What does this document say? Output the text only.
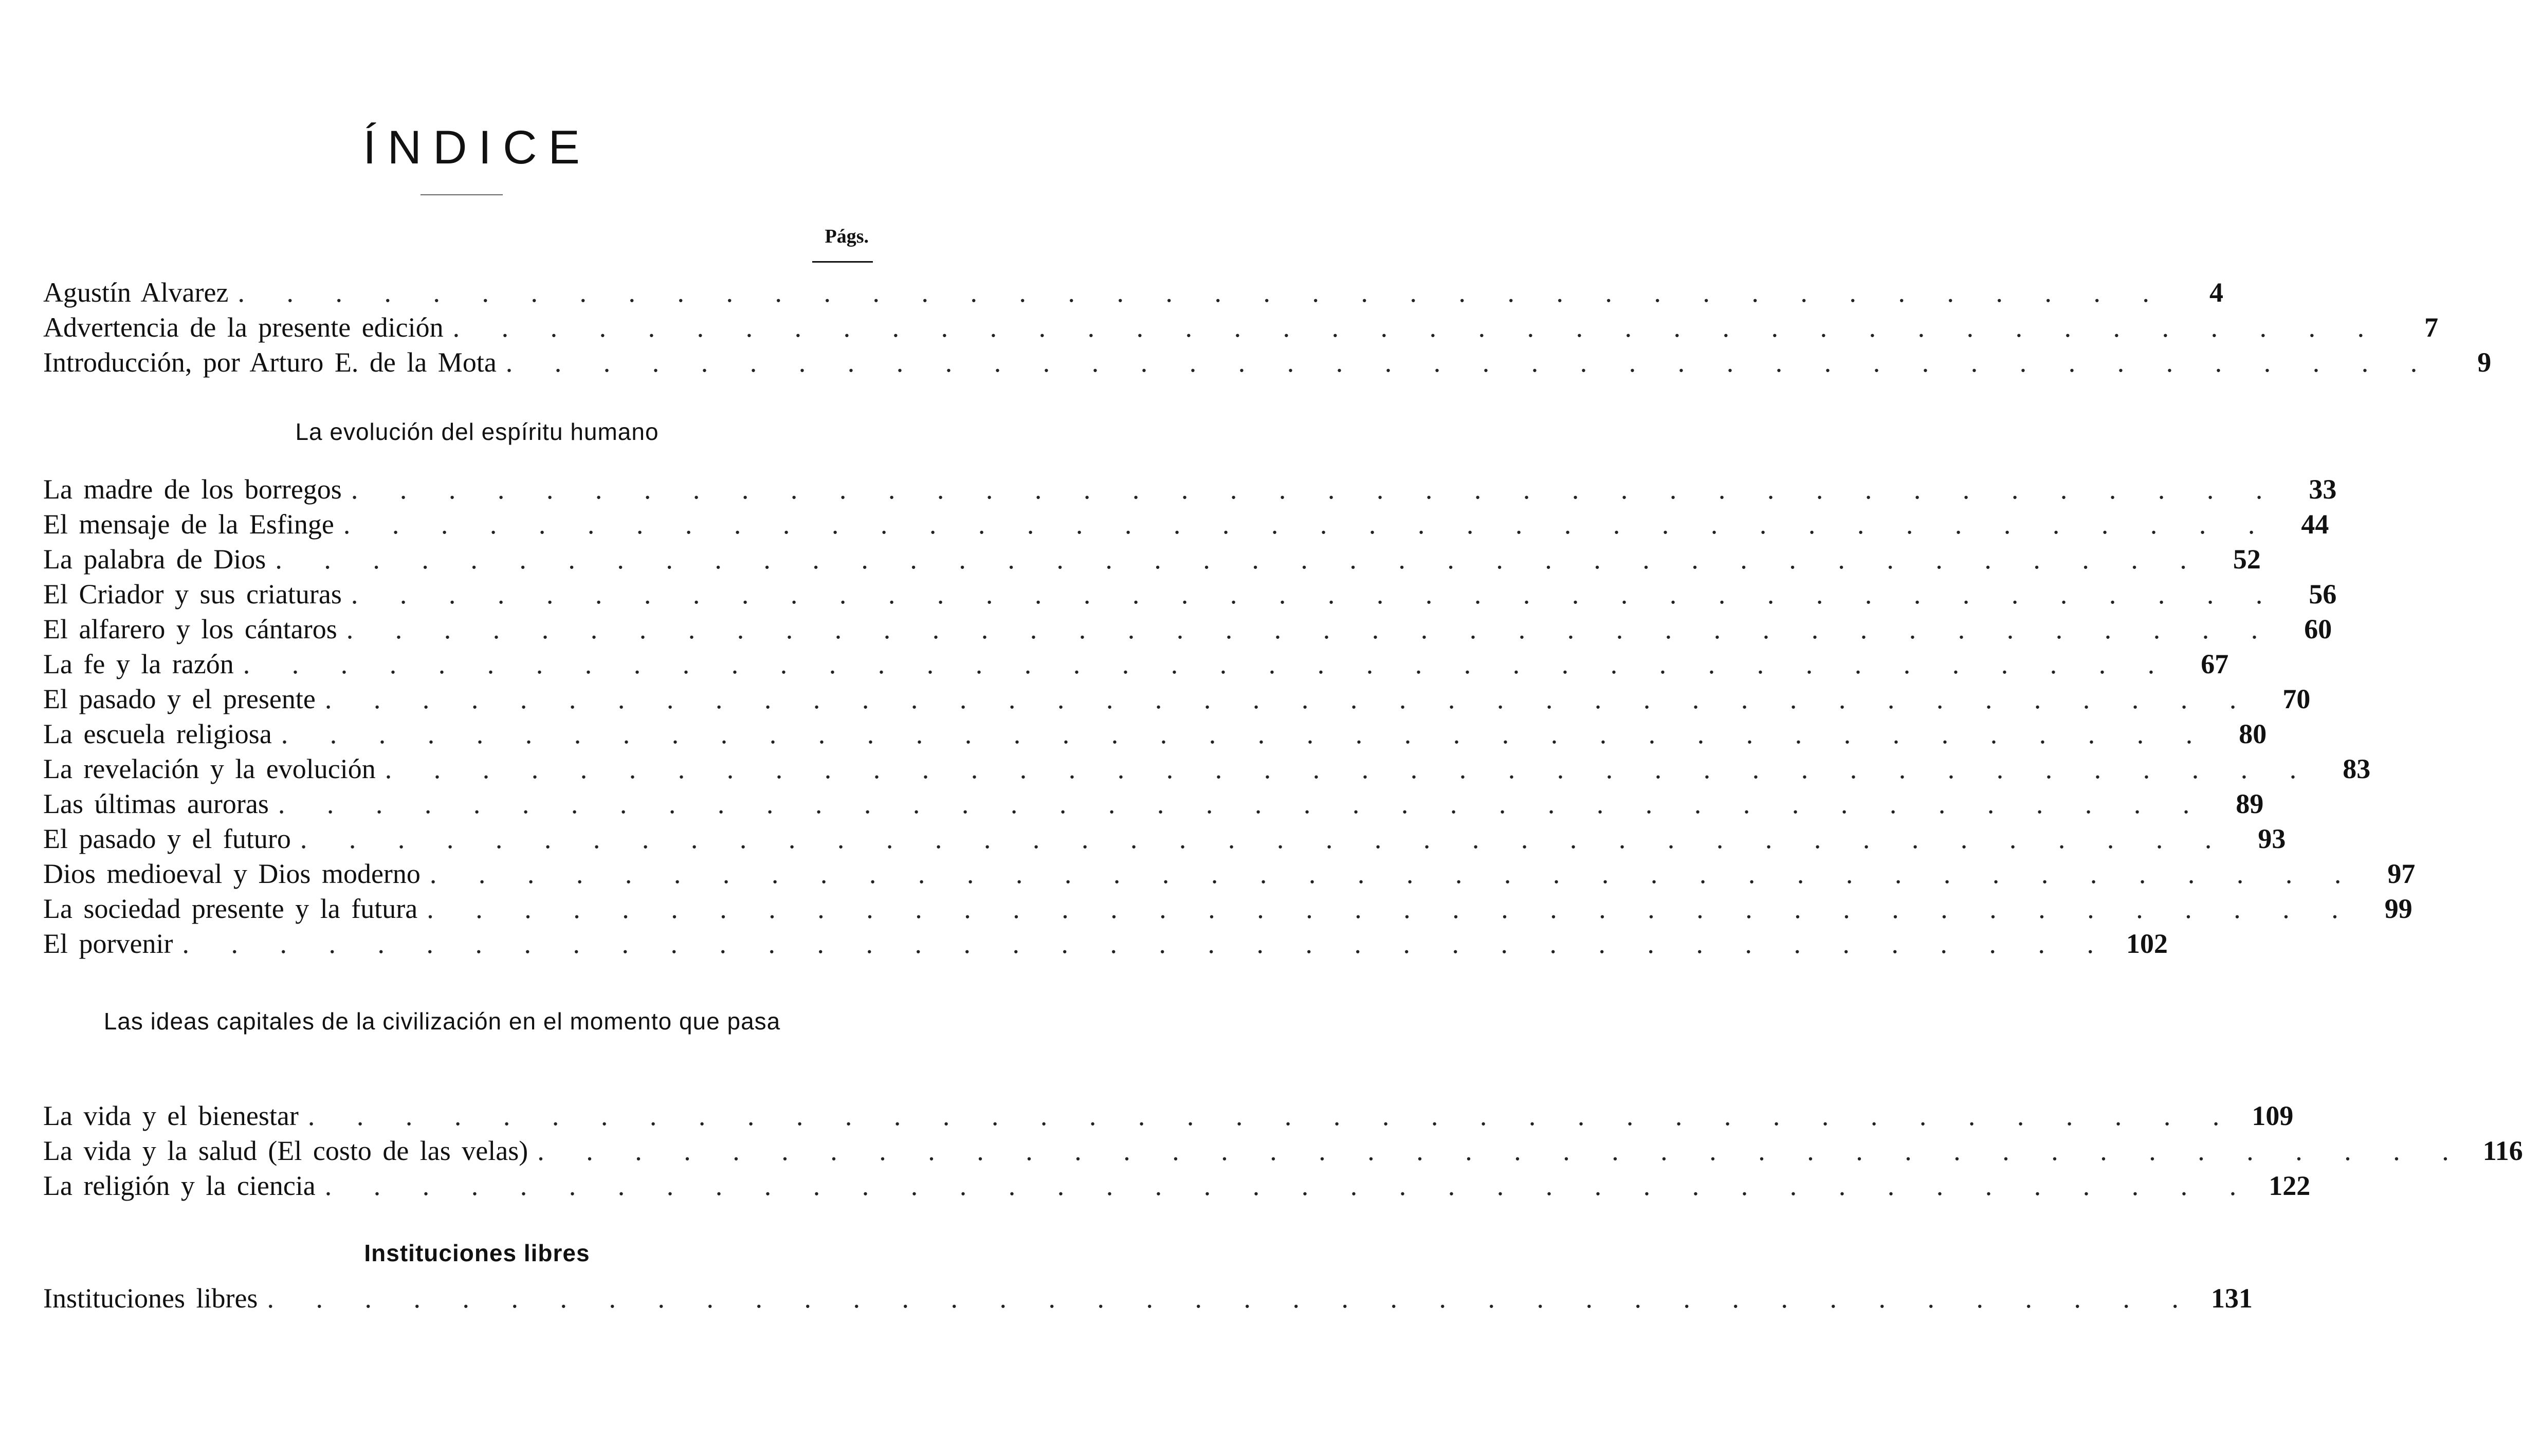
ÍNDICE
Págs.
Agustín Alvarez . . . . . . . . . . . . . . . . . . . . . . . . . . . . . . . . . . . . . . . .	4
Advertencia de la presente edición . . . . . . . . . . . . . . . . . . . . . . . . . . . . . . . . . . . . . . . .	7
Introducción, por Arturo E. de la Mota . . . . . . . . . . . . . . . . . . . . . . . . . . . . . . . . . . . . . . . .	9
La evolución del espíritu humano
La madre de los borregos . . . . . . . . . . . . . . . . . . . . . . . . . . . . . . . . . . . . . . . .	33
El mensaje de la Esfinge . . . . . . . . . . . . . . . . . . . . . . . . . . . . . . . . . . . . . . . .	44
La palabra de Dios . . . . . . . . . . . . . . . . . . . . . . . . . . . . . . . . . . . . . . . .	52
El Criador y sus criaturas . . . . . . . . . . . . . . . . . . . . . . . . . . . . . . . . . . . . . . . .	56
El alfarero y los cántaros . . . . . . . . . . . . . . . . . . . . . . . . . . . . . . . . . . . . . . . .	60
La fe y la razón . . . . . . . . . . . . . . . . . . . . . . . . . . . . . . . . . . . . . . . .	67
El pasado y el presente . . . . . . . . . . . . . . . . . . . . . . . . . . . . . . . . . . . . . . . .	70
La escuela religiosa . . . . . . . . . . . . . . . . . . . . . . . . . . . . . . . . . . . . . . . .	80
La revelación y la evolución . . . . . . . . . . . . . . . . . . . . . . . . . . . . . . . . . . . . . . . .	83
Las últimas auroras . . . . . . . . . . . . . . . . . . . . . . . . . . . . . . . . . . . . . . . .	89
El pasado y el futuro . . . . . . . . . . . . . . . . . . . . . . . . . . . . . . . . . . . . . . . .	93
Dios medioeval y Dios moderno . . . . . . . . . . . . . . . . . . . . . . . . . . . . . . . . . . . . . . . .	97
La sociedad presente y la futura . . . . . . . . . . . . . . . . . . . . . . . . . . . . . . . . . . . . . . . .	99
El porvenir . . . . . . . . . . . . . . . . . . . . . . . . . . . . . . . . . . . . . . . . 102
Las ideas capitales de la civilización en el momento que pasa
La vida y el bienestar . . . . . . . . . . . . . . . . . . . . . . . . . . . . . . . . . . . . . . . . 109
La vida y la salud (El costo de las velas) . . . . . . . . . . . . . . . . . . . . . . . . . . . . . . . . . . . . . . . . 116
La religión y la ciencia . . . . . . . . . . . . . . . . . . . . . . . . . . . . . . . . . . . . . . . . 122
Instituciones libres
Instituciones libres . . . . . . . . . . . . . . . . . . . . . . . . . . . . . . . . . . . . . . . . 131
